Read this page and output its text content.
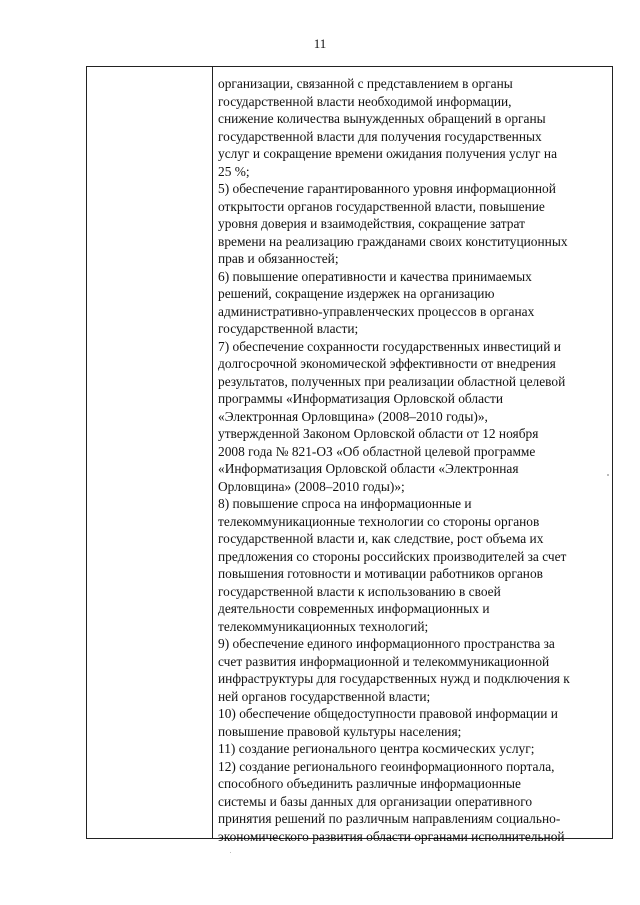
11
организации, связанной с представлением в органы
государственной власти необходимой информации,
снижение количества вынужденных обращений в органы
государственной власти для получения государственных
услуг и сокращение времени ожидания получения услуг на
25 %;
5) обеспечение гарантированного уровня информационной
открытости органов государственной власти, повышение
уровня доверия и взаимодействия, сокращение затрат
времени на реализацию гражданами своих конституционных
прав и обязанностей;
6) повышение оперативности и качества принимаемых
решений, сокращение издержек на организацию
административно-управленческих процессов в органах
государственной власти;
7) обеспечение сохранности государственных инвестиций и
долгосрочной экономической эффективности от внедрения
результатов, полученных при реализации областной целевой
программы «Информатизация Орловской области
«Электронная Орловщина» (2008–2010 годы)»,
утвержденной Законом Орловской области от 12 ноября
2008 года № 821-ОЗ «Об областной целевой программе
«Информатизация Орловской области «Электронная
Орловщина» (2008–2010 годы)»;
8) повышение спроса на информационные и
телекоммуникационные технологии со стороны органов
государственной власти и, как следствие, рост объема их
предложения со стороны российских производителей за счет
повышения готовности и мотивации работников органов
государственной власти к использованию в своей
деятельности современных информационных и
телекоммуникационных технологий;
9) обеспечение единого информационного пространства за
счет развития информационной и телекоммуникационной
инфраструктуры для государственных нужд и подключения к
ней органов государственной власти;
10) обеспечение общедоступности правовой информации и
повышение правовой культуры населения;
11) создание регионального центра космических услуг;
12) создание регионального геоинформационного портала,
способного объединить различные информационные
системы и базы данных для организации оперативного
принятия решений по различным направлениям социально-
экономического развития области органами исполнительной
